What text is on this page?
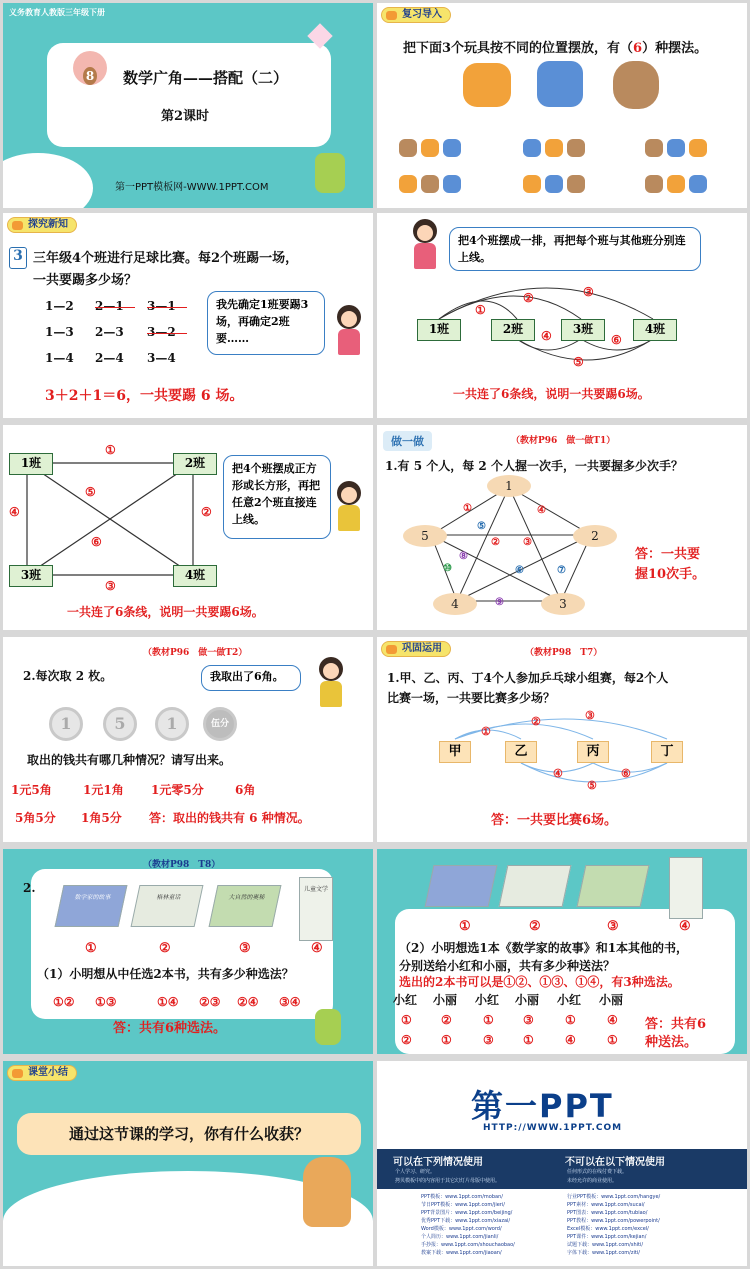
义务教育人教版三年级下册
8 数学广角——搭配（二）
第2课时
第一PPT模板网-WWW.1PPT.COM
复习导入
把下面3个玩具按不同的位置摆放，有（6）种摆法。
探究新知
3 三年级4个班进行足球比赛。每2个班踢一场，
一共要踢多少场？
1—2 2—1 3—1
1—3 2—3 3—2
1—4 2—4 3—4
我先确定1班要踢3场，再确定2班要……
3＋2＋1＝6，一共要踢 6 场。
把4个班摆成一排，再把每个班与其他班分别连上线。
1班	2班	3班	4班
①
②	③
④
⑤
⑥
一共连了6条线，说明一共要踢6场。
1班	2班
3班	4班
①
②
③
④
⑤
⑥
把4个班摆成正方形或长方形，再把任意2个班直接连上线。
一共连了6条线，说明一共要踢6场。
做一做	（教材P96　做一做T1）
1.有 5 个人，每 2 个人握一次手，一共要握多少次手？
1
2
3
4
5
①
② ③
④
⑤
⑥	⑦
⑧
⑨
⑩
答：一共要
握10次手。
（教材P96　做一做T2）
2.每次取 2 枚。	我取出了6角。
1	5	1	伍分
取出的钱共有哪几种情况？请写出来。
1元5角	1元1角 1元零5分	6角
5角5分 1角5分 答：取出的钱共有 6 种情况。
巩固运用	（教材P98　T7）
1.甲、乙、丙、丁4个人参加乒乓球小组赛，每2个人
比赛一场，一共要比赛多少场？
甲	乙	丙	丁
①
②	③
④
⑤
⑥
答：一共要比赛6场。
（教材P98　T8）
2.
数学家的故事	格林童话	大自然的奥秘
儿童文学
①	②	③	④
（1）小明想从中任选2本书，共有多少种选法？
①② ①③	①④ ②③ ②④ ③④
答：共有6种选法。
①	②	③	④
（2）小明想选1本《数学家的故事》和1本其他的书，
分别送给小红和小丽，共有多少种送法？
选出的2本书可以是①②、①③、①④，有3种选法。
小红 小丽 小红 小丽 小红 小丽
① ②	① ③	①	④
② ①	③ ①	④	①
答：共有6
种送法。
课堂小结
通过这节课的学习，你有什么收获？
第一PPT
HTTP://WWW.1PPT.COM
可以在下列情况使用	不可以在以下情况使用
个人学习、研究。
拷贝模板中的内容用于其它幻灯片母版中使用。
任何形式的在线付费下载。
未经允许的商业使用。
PPT模板：www.1ppt.com/moban/
节日PPT模板：www.1ppt.com/jieri/
PPT背景图片：www.1ppt.com/beijing/
优秀PPT下载：www.1ppt.com/xiazai/
Word模板：www.1ppt.com/word/
个人简历：www.1ppt.com/jianli/
手抄报：www.1ppt.com/shouchaobao/
教案下载：www.1ppt.com/jiaoan/
行业PPT模板：www.1ppt.com/hangye/
PPT素材：www.1ppt.com/sucai/
PPT图表：www.1ppt.com/tubiao/
PPT教程：www.1ppt.com/powerpoint/
Excel模板：www.1ppt.com/excel/
PPT课件：www.1ppt.com/kejian/
试题下载：www.1ppt.com/shiti/
字体下载：www.1ppt.com/ziti/
